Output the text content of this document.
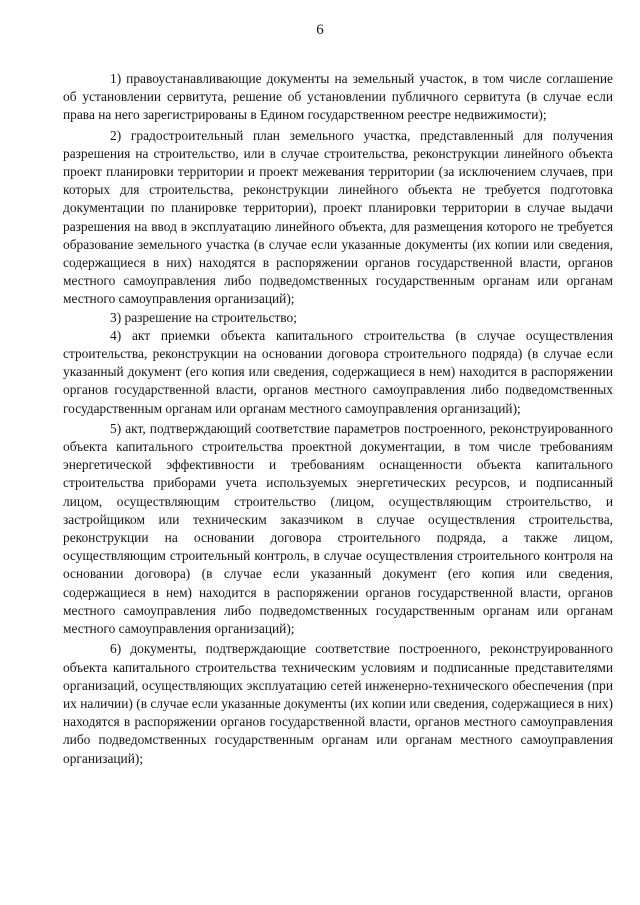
6

1) правоустанавливающие документы на земельный участок, в том числе соглашение об установлении сервитута, решение об установлении публичного сервитута (в случае если права на него зарегистрированы в Едином государственном реестре недвижимости);

2) градостроительный план земельного участка, представленный для получения разрешения на строительство, или в случае строительства, реконструкции линейного объекта проект планировки территории и проект межевания территории (за исключением случаев, при которых для строительства, реконструкции линейного объекта не требуется подготовка документации по планировке территории), проект планировки территории в случае выдачи разрешения на ввод в эксплуатацию линейного объекта, для размещения которого не требуется образование земельного участка (в случае если указанные документы (их копии или сведения, содержащиеся в них) находятся в распоряжении органов государственной власти, органов местного самоуправления либо подведомственных государственным органам или органам местного самоуправления организаций);

3) разрешение на строительство;

4) акт приемки объекта капитального строительства (в случае осуществления строительства, реконструкции на основании договора строительного подряда) (в случае если указанный документ (его копия или сведения, содержащиеся в нем) находится в распоряжении органов государственной власти, органов местного самоуправления либо подведомственных государственным органам или органам местного самоуправления организаций);

5) акт, подтверждающий соответствие параметров построенного, реконструированного объекта капитального строительства проектной документации, в том числе требованиям энергетической эффективности и требованиям оснащенности объекта капитального строительства приборами учета используемых энергетических ресурсов, и подписанный лицом, осуществляющим строительство (лицом, осуществляющим строительство, и застройщиком или техническим заказчиком в случае осуществления строительства, реконструкции на основании договора строительного подряда, а также лицом, осуществляющим строительный контроль, в случае осуществления строительного контроля на основании договора) (в случае если указанный документ (его копия или сведения, содержащиеся в нем) находится в распоряжении органов государственной власти, органов местного самоуправления либо подведомственных государственным органам или органам местного самоуправления организаций);

6) документы, подтверждающие соответствие построенного, реконструированного объекта капитального строительства техническим условиям и подписанные представителями организаций, осуществляющих эксплуатацию сетей инженерно-технического обеспечения (при их наличии) (в случае если указанные документы (их копии или сведения, содержащиеся в них) находятся в распоряжении органов государственной власти, органов местного самоуправления либо подведомственных государственным органам или органам местного самоуправления организаций);
